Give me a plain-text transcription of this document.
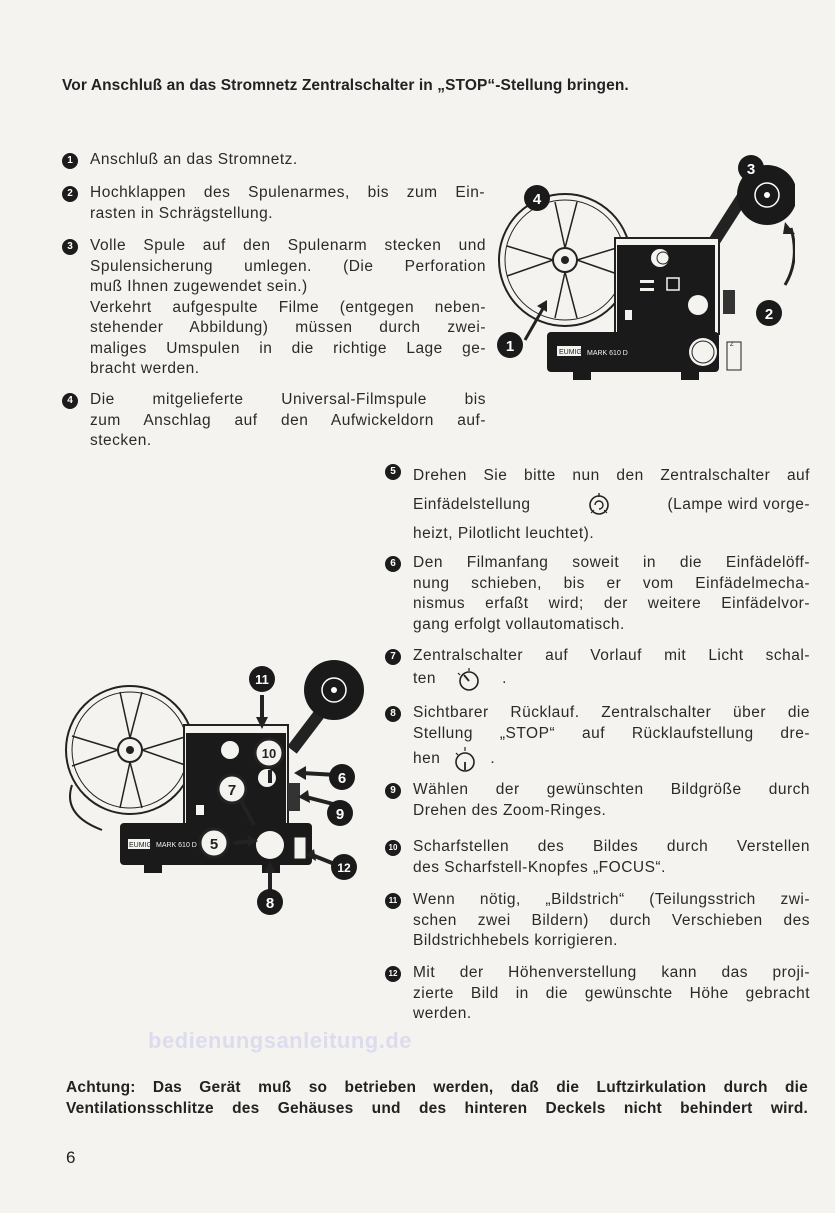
Vor Anschluß an das Stromnetz Zentralschalter in „STOP“-Stellung bringen.
1	Anschluß an das Stromnetz.
2	Hochklappen des Spulenarmes, bis zum Ein-
rasten in Schrägstellung.
3	Volle Spule auf den Spulenarm stecken und
Spulensicherung umlegen. (Die Perforation
muß Ihnen zugewendet sein.)
Verkehrt aufgespulte Filme (entgegen neben-
stehender Abbildung) müssen durch zwei-
maliges Umspulen in die richtige Lage ge-
bracht werden.
4	Die mitgelieferte Universal-Filmspule bis
zum Anschlag auf den Aufwickeldorn auf-
stecken.
5	Drehen Sie bitte nun den Zentralschalter auf
Einfädelstellung	(Lampe wird vorge-
heizt, Pilotlicht leuchtet).
6	Den Filmanfang soweit in die Einfädelöff-
nung schieben, bis er vom Einfädelmecha-
nismus erfaßt wird; der weitere Einfädelvor-
gang erfolgt vollautomatisch.
7	Zentralschalter auf Vorlauf mit Licht schal-
ten	.
8	Sichtbarer Rücklauf. Zentralschalter über die
Stellung „STOP“ auf Rücklaufstellung dre-
hen	.
9	Wählen der gewünschten Bildgröße durch
Drehen des Zoom-Ringes.
10 Scharfstellen des Bildes durch Verstellen
des Scharfstell-Knopfes „FOCUS“.
11 Wenn nötig, „Bildstrich“ (Teilungsstrich zwi-
schen zwei Bildern) durch Verschieben des
Bildstrichhebels korrigieren.
12 Mit der Höhenverstellung kann das proji-
zierte Bild in die gewünschte Höhe gebracht
werden.
EUMIG MARK 610 D
Z
4
3
2
1
EUMIG MARK 610 D
11
10
7
5
6
9
12
8
bedienungsanleitung.de
Achtung: Das Gerät muß so betrieben werden, daß die Luftzirkulation durch die
Ventilationsschlitze des Gehäuses und des hinteren Deckels nicht behindert wird.
6
